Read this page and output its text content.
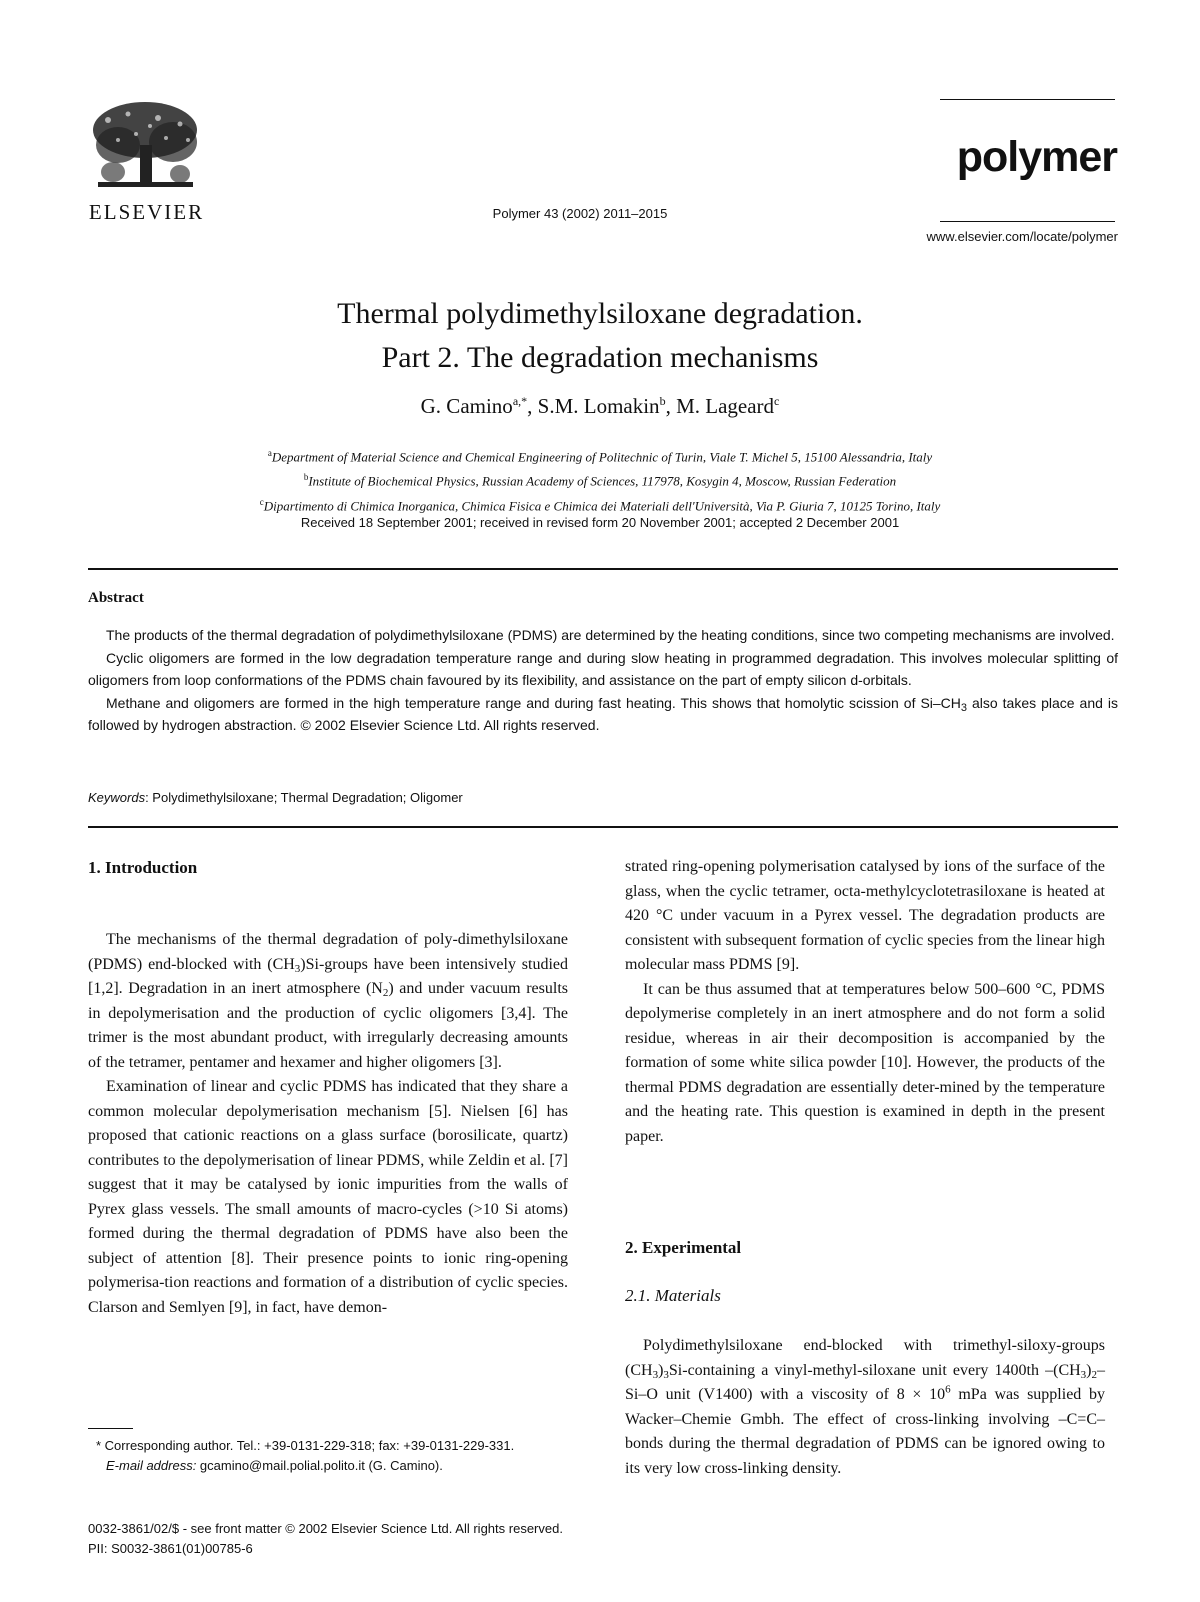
ELSEVIER	Polymer 43 (2002) 2011–2015
polymer
www.elsevier.com/locate/polymer
Thermal polydimethylsiloxane degradation.
Part 2. The degradation mechanisms
G. Camino$^{a,*}$, S.M. Lomakin$^b$, M. Lageard$^c$
$^a$Department of Material Science and Chemical Engineering of Politechnic of Turin, Viale T. Michel 5, 15100 Alessandria, Italy
$^b$Institute of Biochemical Physics, Russian Academy of Sciences, 117978, Kosygin 4, Moscow, Russian Federation
$^c$Dipartimento di Chimica Inorganica, Chimica Fisica e Chimica dei Materiali dell'Università, Via P. Giuria 7, 10125 Torino, Italy
Received 18 September 2001; received in revised form 20 November 2001; accepted 2 December 2001
Abstract

The products of the thermal degradation of polydimethylsiloxane (PDMS) are determined by the heating conditions, since two competing mechanisms are involved.

Cyclic oligomers are formed in the low degradation temperature range and during slow heating in programmed degradation. This involves molecular splitting of oligomers from loop conformations of the PDMS chain favoured by its flexibility, and assistance on the part of empty silicon d-orbitals.

Methane and oligomers are formed in the high temperature range and during fast heating. This shows that homolytic scission of $Si-CH_3$ also takes place and is followed by hydrogen abstraction. © 2002 Elsevier Science Ltd. All rights reserved.

Keywords: Polydimethylsiloxane; Thermal Degradation; Oligomer
1. Introduction

The mechanisms of the thermal degradation of poly-dimethylsiloxane (PDMS) end-blocked with $(CH_3)Si$-groups have been intensively studied [1,2]. Degradation in an inert atmosphere $(N_2)$ and under vacuum results in depolymerisation and the production of cyclic oligomers [3,4]. The trimer is the most abundant product, with irregularly decreasing amounts of the tetramer, pentamer and hexamer and higher oligomers [3].

Examination of linear and cyclic PDMS has indicated that they share a common molecular depolymerisation mechanism [5]. Nielsen [6] has proposed that cationic reactions on a glass surface (borosilicate, quartz) contributes to the depolymerisation of linear PDMS, while Zeldin et al. [7] suggest that it may be catalysed by ionic impurities from the walls of Pyrex glass vessels. The small amounts of macro-cycles (>10 Si atoms) formed during the thermal degradation of PDMS have also been the subject of attention [8]. Their presence points to ionic ring-opening polymerisa-tion reactions and formation of a distribution of cyclic species. Clarson and Semlyen [9], in fact, have demon-

* Corresponding author. Tel.: +39-0131-229-318; fax: +39-0131-229-331.

E-mail address: gcamino@mail.polial.polito.it (G. Camino).

strated ring-opening polymerisation catalysed by ions of the surface of the glass, when the cyclic tetramer, octa-methylcyclotetrasiloxane is heated at 420 °C under vacuum in a Pyrex vessel. The degradation products are consistent with subsequent formation of cyclic species from the linear high molecular mass PDMS [9].

It can be thus assumed that at temperatures below 500–600 °C, PDMS depolymerise completely in an inert atmosphere and do not form a solid residue, whereas in air their decomposition is accompanied by the formation of some white silica powder [10]. However, the products of the thermal PDMS degradation are essentially deter-mined by the temperature and the heating rate. This question is examined in depth in the present paper.

2. Experimental
2.1. Materials

Polydimethylsiloxane end-blocked with trimethyl-siloxy-groups $(CH_3)_3Si$-containing a vinyl-methyl-siloxane unit every 1400th $-(CH_3)_2-Si-O$ unit (V1400) with a viscosity of $8 \times 10^6$ mPa was supplied by Wacker–Chemie Gmbh. The effect of cross-linking involving –C=C– bonds during the thermal degradation of PDMS can be ignored owing to its very low cross-linking density.

0032-3861/02/$ - see front matter © 2002 Elsevier Science Ltd. All rights reserved.

PII: S0032-3861(01)00785-6
